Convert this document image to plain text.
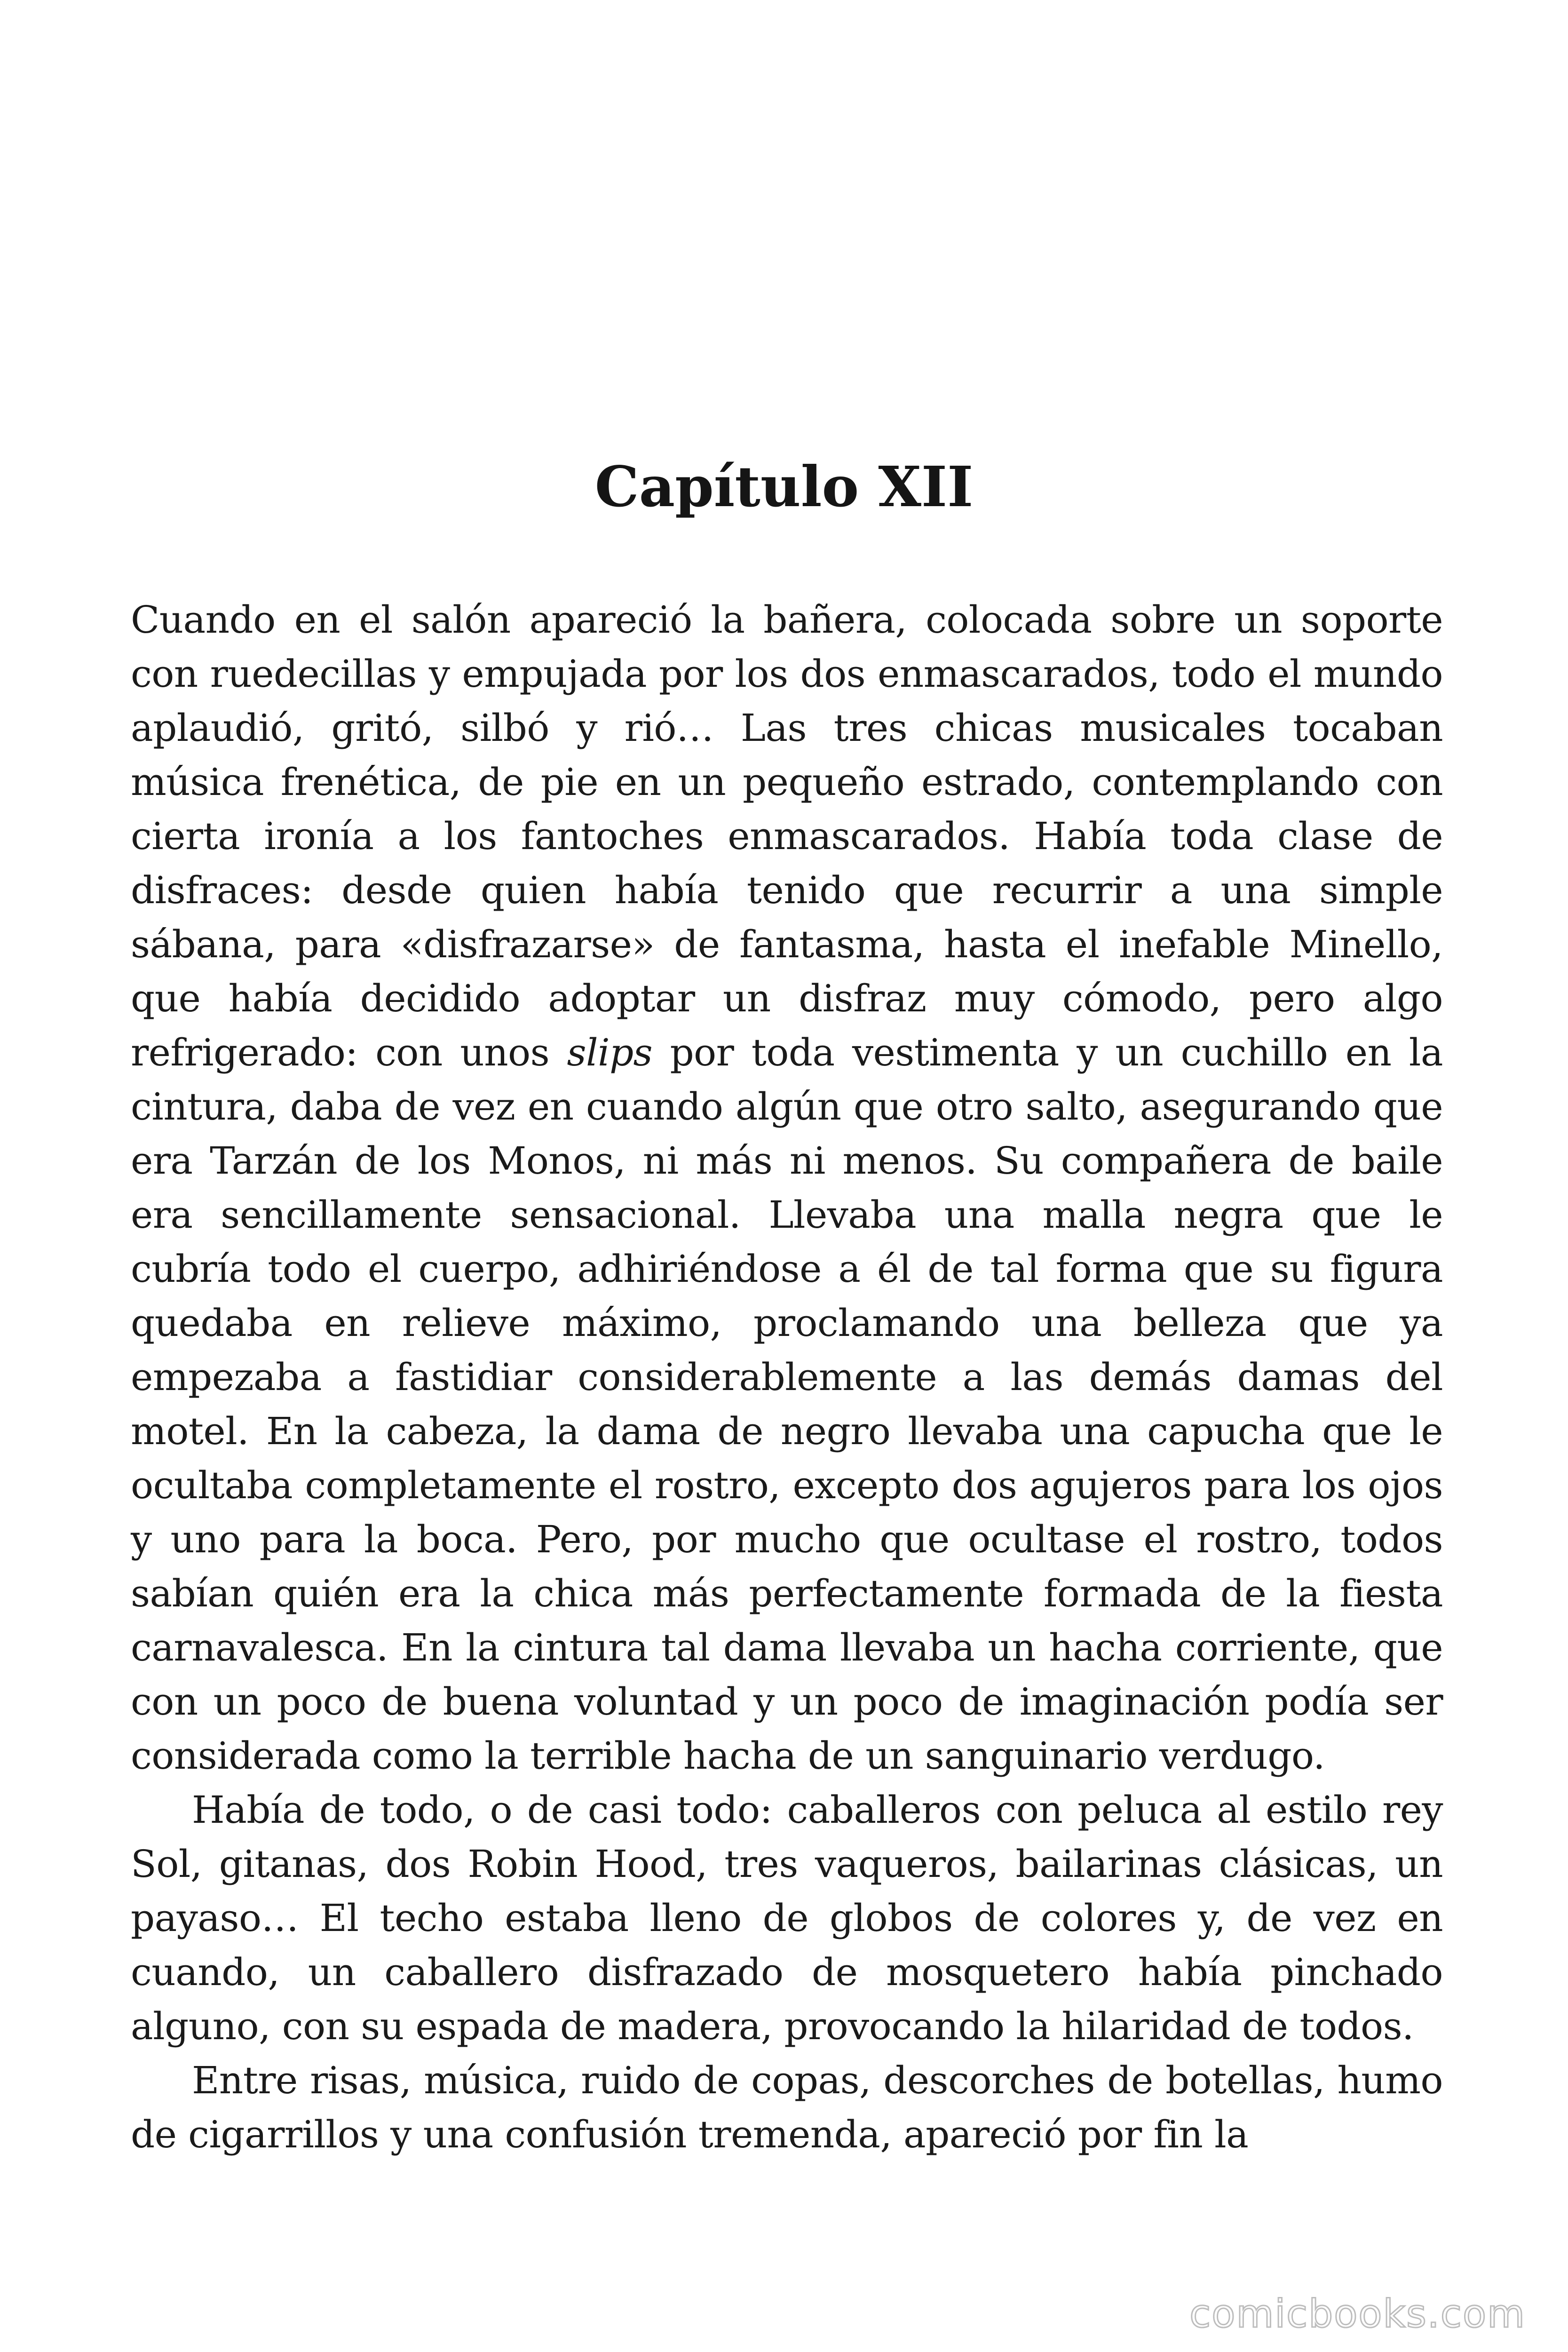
Capítulo XII

Cuando en el salón apareció la bañera, colocada sobre un soporte con ruedecillas y empujada por los dos enmascarados, todo el mundo aplaudió, gritó, silbó y rió… Las tres chicas musicales tocaban música frenética, de pie en un pequeño estrado, contemplando con cierta ironía a los fantoches enmascarados. Había toda clase de disfraces: desde quien había tenido que recurrir a una simple sábana, para «disfrazarse» de fantasma, hasta el inefable Minello, que había decidido adoptar un disfraz muy cómodo, pero algo refrigerado: con unos slips por toda vestimenta y un cuchillo en la cintura, daba de vez en cuando algún que otro salto, asegurando que era Tarzán de los Monos, ni más ni menos. Su compañera de baile era sencillamente sensacional. Llevaba una malla negra que le cubría todo el cuerpo, adhiriéndose a él de tal forma que su figura quedaba en relieve máximo, proclamando una belleza que ya empezaba a fastidiar considerablemente a las demás damas del motel. En la cabeza, la dama de negro llevaba una capucha que le ocultaba completamente el rostro, excepto dos agujeros para los ojos y uno para la boca. Pero, por mucho que ocultase el rostro, todos sabían quién era la chica más perfectamente formada de la fiesta carnavalesca. En la cintura tal dama llevaba un hacha corriente, que con un poco de buena voluntad y un poco de imaginación podía ser considerada como la terrible hacha de un sanguinario verdugo.

Había de todo, o de casi todo: caballeros con peluca al estilo rey Sol, gitanas, dos Robin Hood, tres vaqueros, bailarinas clásicas, un payaso… El techo estaba lleno de globos de colores y, de vez en cuando, un caballero disfrazado de mosquetero había pinchado alguno, con su espada de madera, provocando la hilaridad de todos.

Entre risas, música, ruido de copas, descorches de botellas, humo de cigarrillos y una confusión tremenda, apareció por fin la

comicbooks.com
